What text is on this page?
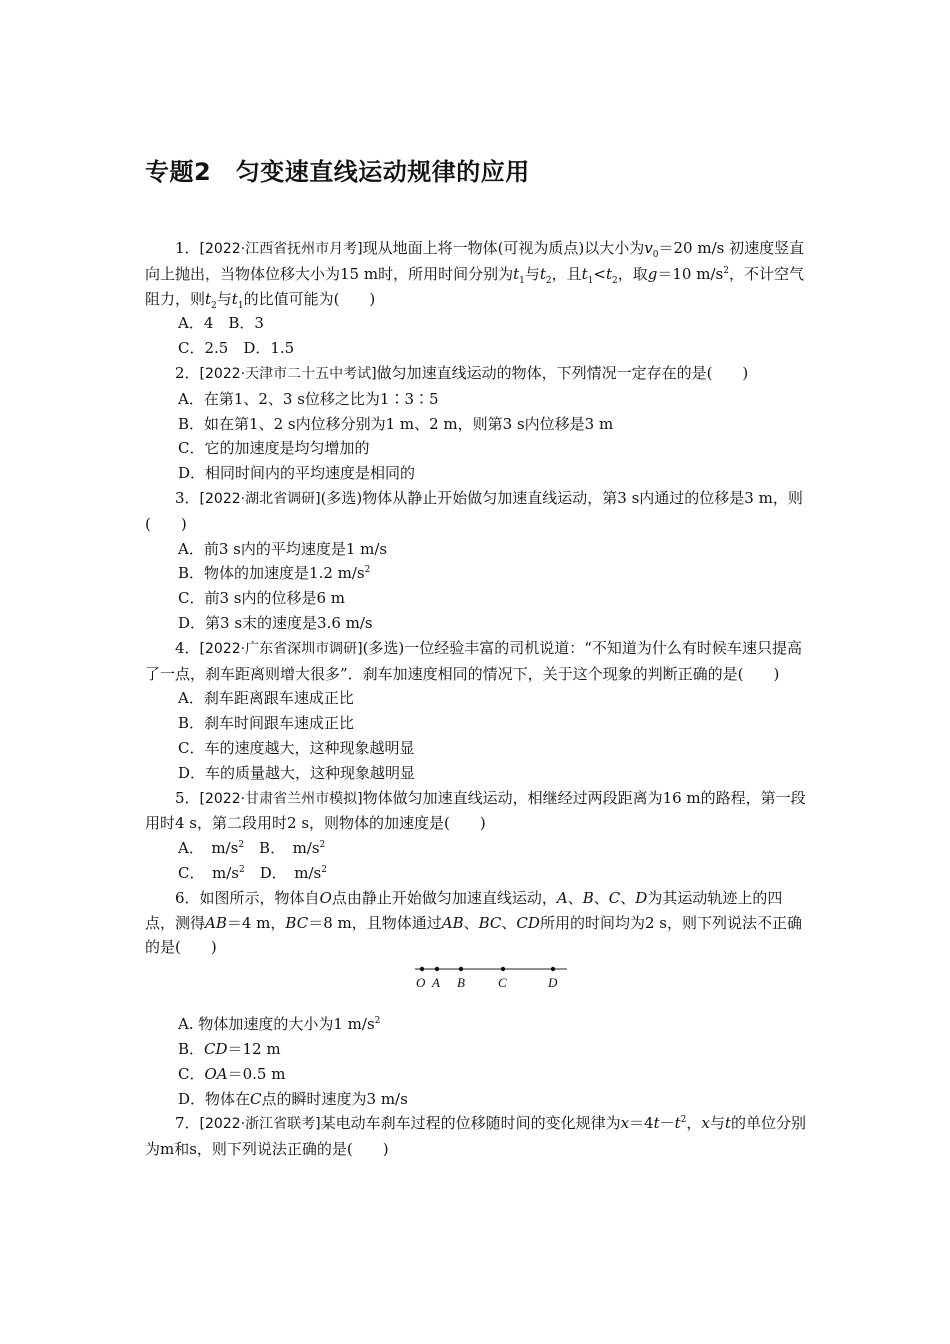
专题2　匀变速直线运动规律的应用

1．[2022·江西省抚州市月考]现从地面上将一物体(可视为质点)以大小为$v_0=20$ m/s 初速度竖直向上抛出，当物体位移大小为15 m时，所用时间分别为$t_1$与$t_2$，且$t_1<t_2$，取g＝10 $m/s^2$，不计空气阻力，则$t_2$与$t_1$的比值可能为(　　)

A．4　B．3

C．2.5　D．1.5

2．[2022·天津市二十五中考试]做匀加速直线运动的物体，下列情况一定存在的是(　　)

A．在第1、2、3 s位移之比为1∶3∶5

B．如在第1、2 s内位移分别为1 m、2 m，则第3 s内位移是3 m

C．它的加速度是均匀增加的

D．相同时间内的平均速度是相同的

3．[2022·湖北省调研](多选)物体从静止开始做匀加速直线运动，第3 s内通过的位移是3 m，则(　　)

A．前3 s内的平均速度是1 m/s

B．物体的加速度是1.2 $m/s^2$

C．前3 s内的位移是6 m

D．第3 s末的速度是3.6 m/s

4．[2022·广东省深圳市调研](多选)一位经验丰富的司机说道：“不知道为什么有时候车速只提高了一点，刹车距离则增大很多”．刹车加速度相同的情况下，关于这个现象的判断正确的是(　　)

A．刹车距离跟车速成正比

B．刹车时间跟车速成正比

C．车的速度越大，这种现象越明显

D．车的质量越大，这种现象越明显

5．[2022·甘肃省兰州市模拟]物体做匀加速直线运动，相继经过两段距离为16 m的路程，第一段用时4 s，第二段用时2 s，则物体的加速度是(　　)

A．　$m/s^2$　B．　$m/s^2$

C．　$m/s^2$　D．　$m/s^2$

6．如图所示，物体自O点由静止开始做匀加速直线运动，A、B、C、D为其运动轨迹上的四点，测得AB＝4 m，BC＝8 m，且物体通过AB、BC、CD所用的时间均为2 s，则下列说法不正确的是(　　)

O A B	C	D

A. 物体加速度的大小为1 $m/s^2$

B．CD＝12 m

C．OA＝0.5 m

D．物体在C点的瞬时速度为3 m/s

7．[2022·浙江省联考]某电动车刹车过程的位移随时间的变化规律为$x=4t-t^2$，x与t的单位分别为m和s，则下列说法正确的是(　　)
